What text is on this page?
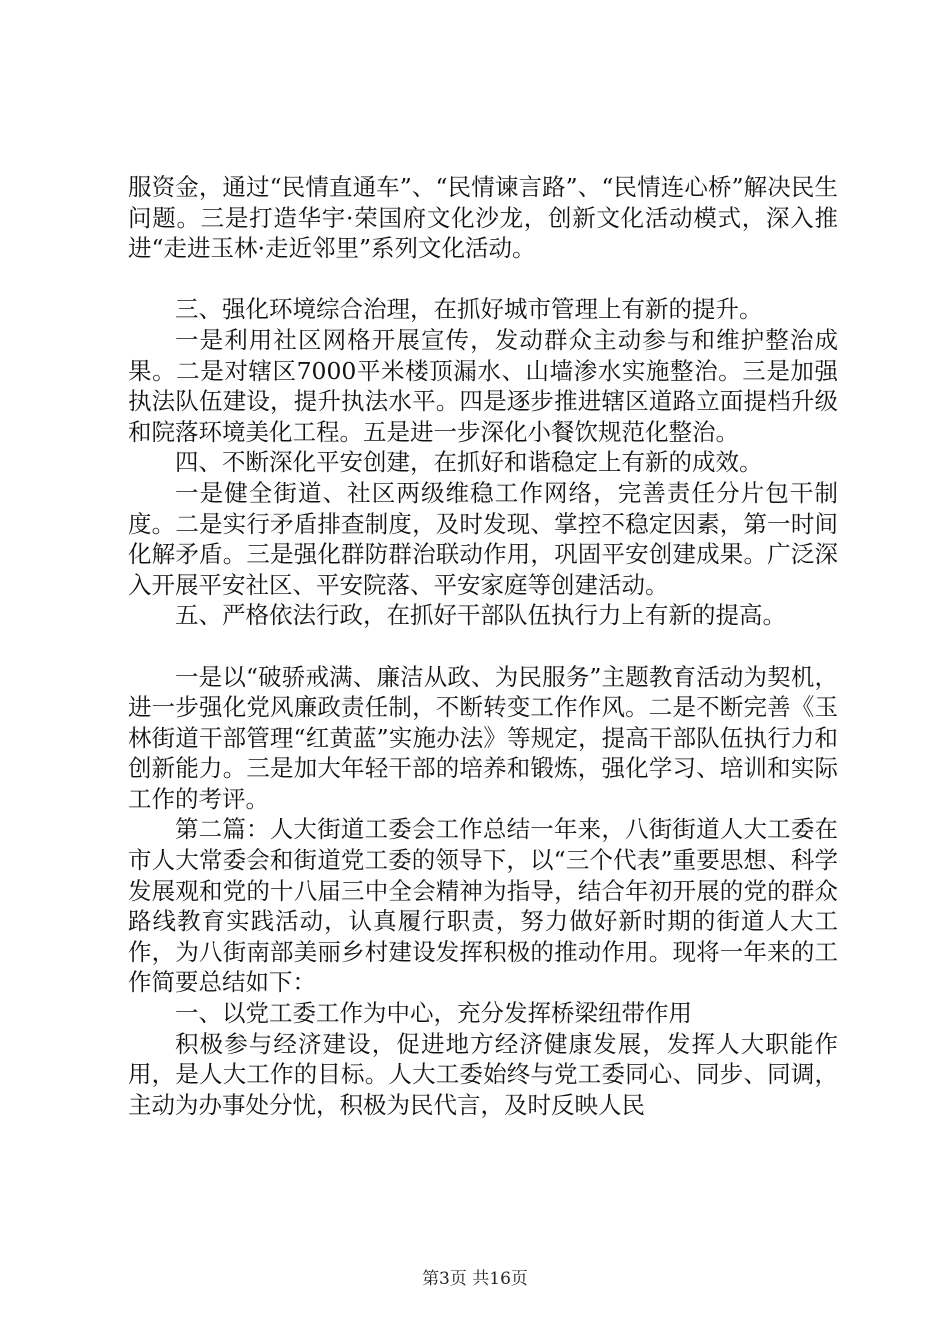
服资金，通过“民情直通车”、“民情谏言路”、“民情连心桥”解决民生问题。三是打造华宇·荣国府文化沙龙，创新文化活动模式，深入推进“走进玉林·走近邻里”系列文化活动。

三、强化环境综合治理，在抓好城市管理上有新的提升。

一是利用社区网格开展宣传，发动群众主动参与和维护整治成果。二是对辖区7000平米楼顶漏水、山墙渗水实施整治。三是加强执法队伍建设，提升执法水平。四是逐步推进辖区道路立面提档升级和院落环境美化工程。五是进一步深化小餐饮规范化整治。

四、不断深化平安创建，在抓好和谐稳定上有新的成效。

一是健全街道、社区两级维稳工作网络，完善责任分片包干制度。二是实行矛盾排查制度，及时发现、掌控不稳定因素，第一时间化解矛盾。三是强化群防群治联动作用，巩固平安创建成果。广泛深入开展平安社区、平安院落、平安家庭等创建活动。

五、严格依法行政，在抓好干部队伍执行力上有新的提高。

一是以“破骄戒满、廉洁从政、为民服务”主题教育活动为契机，进一步强化党风廉政责任制，不断转变工作作风。二是不断完善《玉林街道干部管理“红黄蓝”实施办法》等规定，提高干部队伍执行力和创新能力。三是加大年轻干部的培养和锻炼，强化学习、培训和实际工作的考评。

第二篇：人大街道工委会工作总结一年来，八街街道人大工委在市人大常委会和街道党工委的领导下，以“三个代表”重要思想、科学发展观和党的十八届三中全会精神为指导，结合年初开展的党的群众路线教育实践活动，认真履行职责，努力做好新时期的街道人大工作，为八街南部美丽乡村建设发挥积极的推动作用。现将一年来的工作简要总结如下：

一、以党工委工作为中心，充分发挥桥梁纽带作用

积极参与经济建设，促进地方经济健康发展，发挥人大职能作用，是人大工作的目标。人大工委始终与党工委同心、同步、同调，主动为办事处分忧，积极为民代言，及时反映人民

第3页 共16页
